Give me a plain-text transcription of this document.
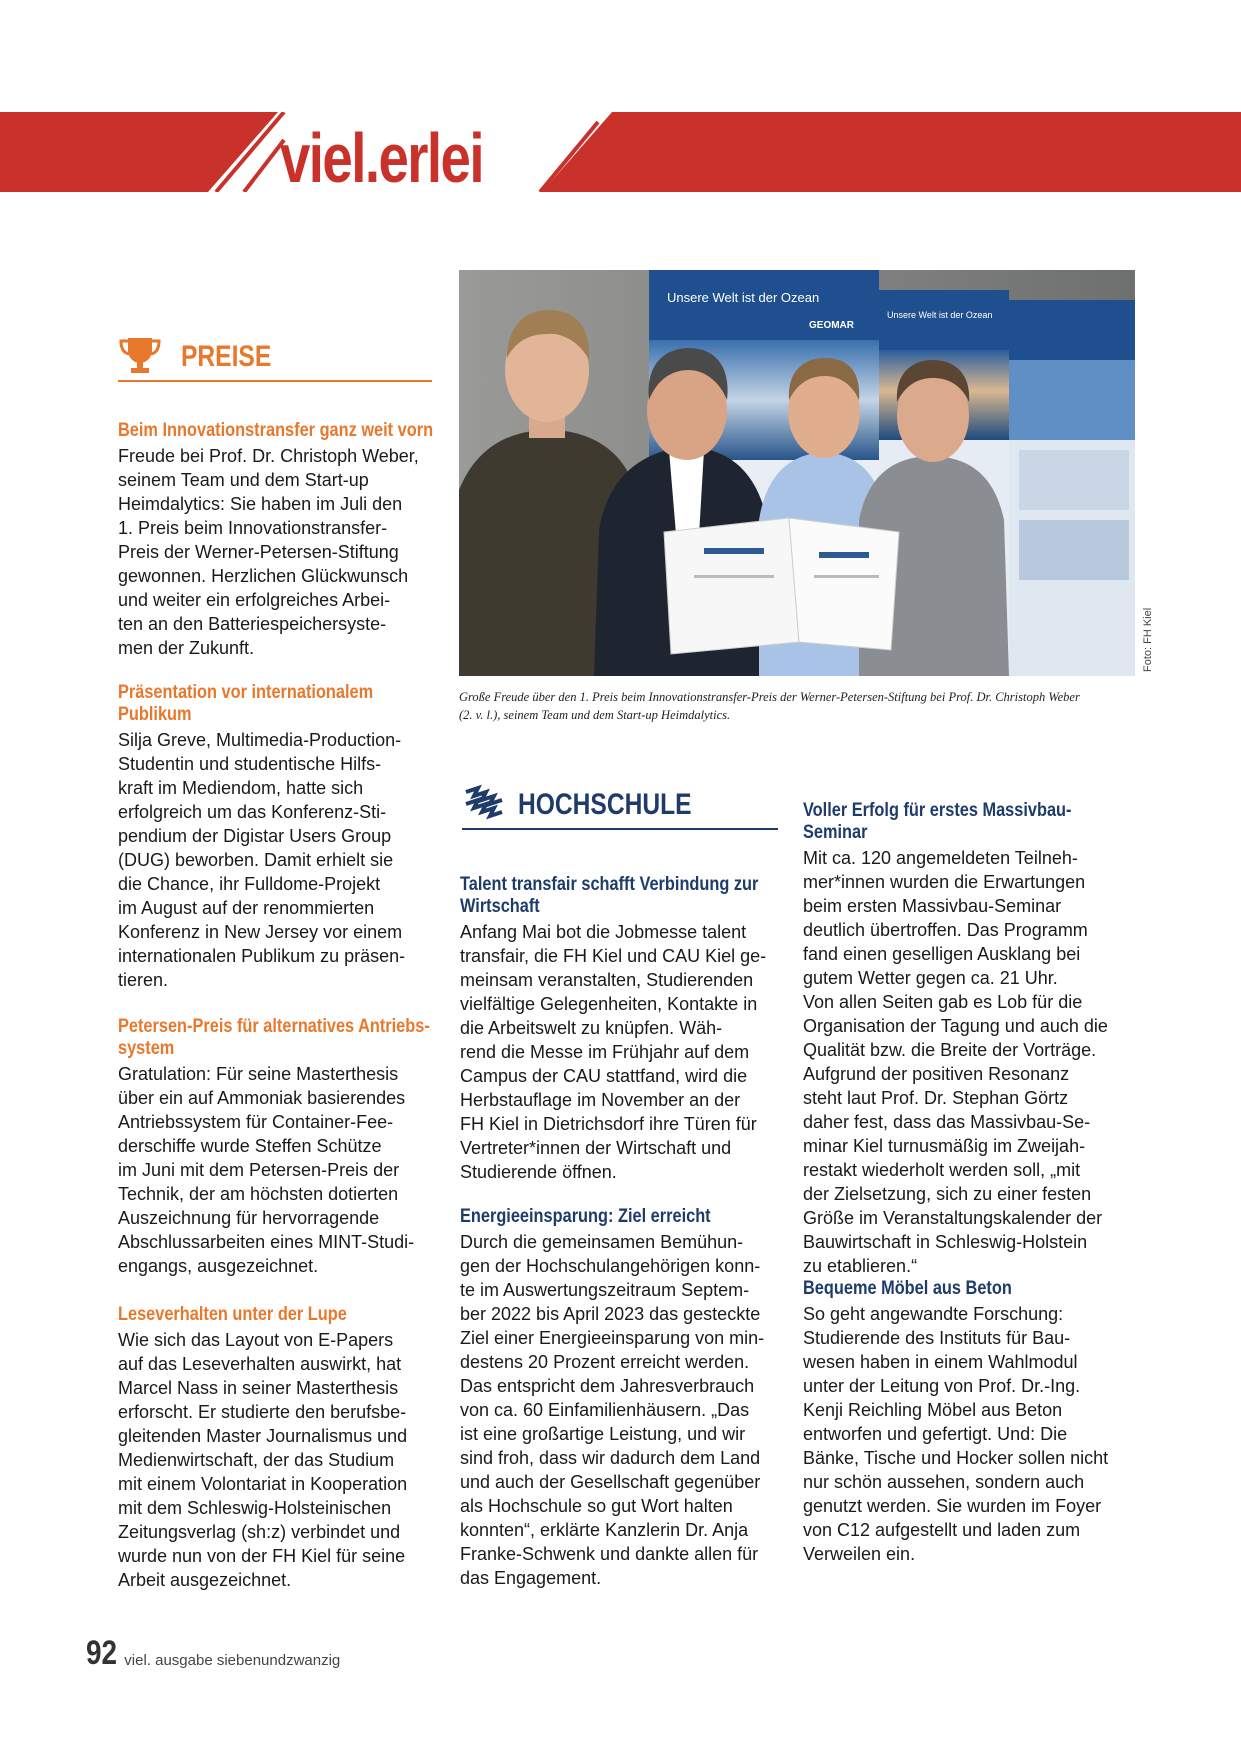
viel.erlei
PREISE
Beim Innovationstransfer ganz weit vorn

Freude bei Prof. Dr. Christoph Weber,
seinem Team und dem Start-up
Heimdalytics: Sie haben im Juli den
1. Preis beim Innovationstransfer-
Preis der Werner-Petersen-Stiftung
gewonnen. Herzlichen Glückwunsch
und weiter ein erfolgreiches Arbei-
ten an den Batteriespeichersyste-
men der Zukunft.

Präsentation vor internationalem
Publikum

Silja Greve, Multimedia-Production-
Studentin und studentische Hilfs-
kraft im Mediendom, hatte sich
erfolgreich um das Konferenz-Sti-
pendium der Digistar Users Group
(DUG) beworben. Damit erhielt sie
die Chance, ihr Fulldome-Projekt
im August auf der renommierten
Konferenz in New Jersey vor einem
internationalen Publikum zu präsen-
tieren.

Petersen-Preis für alternatives Antriebs-
system

Gratulation: Für seine Masterthesis
über ein auf Ammoniak basierendes
Antriebssystem für Container-Fee-
derschiffe wurde Steffen Schütze
im Juni mit dem Petersen-Preis der
Technik, der am höchsten dotierten
Auszeichnung für hervorragende
Abschlussarbeiten eines MINT-Studi-
engangs, ausgezeichnet.

Leseverhalten unter der Lupe

Wie sich das Layout von E-Papers
auf das Leseverhalten auswirkt, hat
Marcel Nass in seiner Masterthesis
erforscht. Er studierte den berufsbe-
gleitenden Master Journalismus und
Medienwirtschaft, der das Studium
mit einem Volontariat in Kooperation
mit dem Schleswig-Holsteinischen
Zeitungsverlag (sh:z) verbindet und
wurde nun von der FH Kiel für seine
Arbeit ausgezeichnet.

Unsere Welt ist der Ozean
GEOMAR
Unsere Welt ist der Ozean
Foto: FH Kiel
Große Freude über den 1. Preis beim Innovationstransfer-Preis der Werner-Petersen-Stiftung bei Prof. Dr. Christoph Weber
(2. v. l.), seinem Team und dem Start-up Heimdalytics.
HOCHSCHULE
Talent transfair schafft Verbindung zur
Wirtschaft

Anfang Mai bot die Jobmesse talent
transfair, die FH Kiel und CAU Kiel ge-
meinsam veranstalten, Studierenden
vielfältige Gelegenheiten, Kontakte in
die Arbeitswelt zu knüpfen. Wäh-
rend die Messe im Frühjahr auf dem
Campus der CAU stattfand, wird die
Herbstauflage im November an der
FH Kiel in Dietrichsdorf ihre Türen für
Vertreter*innen der Wirtschaft und
Studierende öffnen.

Energieeinsparung: Ziel erreicht

Durch die gemeinsamen Bemühun-
gen der Hochschulangehörigen konn-
te im Auswertungszeitraum Septem-
ber 2022 bis April 2023 das gesteckte
Ziel einer Energieeinsparung von min-
destens 20 Prozent erreicht werden.
Das entspricht dem Jahresverbrauch
von ca. 60 Einfamilienhäusern. „Das
ist eine großartige Leistung, und wir
sind froh, dass wir dadurch dem Land
und auch der Gesellschaft gegenüber
als Hochschule so gut Wort halten
konnten“, erklärte Kanzlerin Dr. Anja
Franke-Schwenk und dankte allen für
das Engagement.

Voller Erfolg für erstes Massivbau-Seminar

Mit ca. 120 angemeldeten Teilneh-
mer*innen wurden die Erwartungen
beim ersten Massivbau-Seminar
deutlich übertroffen. Das Programm
fand einen geselligen Ausklang bei
gutem Wetter gegen ca. 21 Uhr.
Von allen Seiten gab es Lob für die
Organisation der Tagung und auch die
Qualität bzw. die Breite der Vorträge.
Aufgrund der positiven Resonanz
steht laut Prof. Dr. Stephan Görtz
daher fest, dass das Massivbau-Se-
minar Kiel turnusmäßig im Zweijah-
restakt wiederholt werden soll, „mit
der Zielsetzung, sich zu einer festen
Größe im Veranstaltungskalender der
Bauwirtschaft in Schleswig-Holstein
zu etablieren.“

Bequeme Möbel aus Beton

So geht angewandte Forschung:
Studierende des Instituts für Bau-
wesen haben in einem Wahlmodul
unter der Leitung von Prof. Dr.-Ing.
Kenji Reichling Möbel aus Beton
entworfen und gefertigt. Und: Die
Bänke, Tische und Hocker sollen nicht
nur schön aussehen, sondern auch
genutzt werden. Sie wurden im Foyer
von C12 aufgestellt und laden zum
Verweilen ein.

92 viel. ausgabe siebenundzwanzig
